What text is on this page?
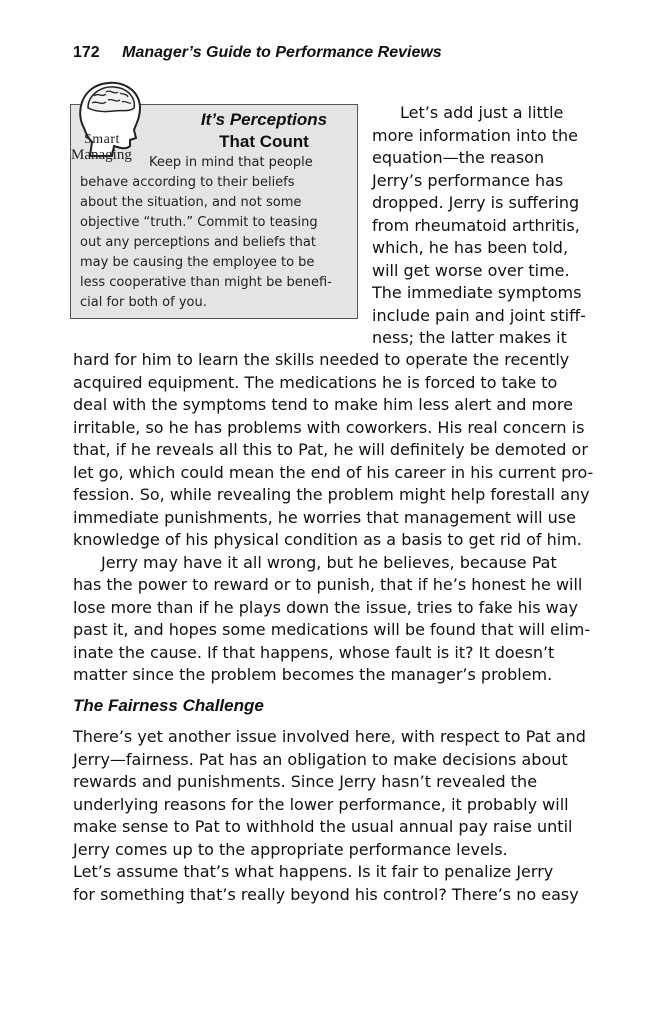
172 Manager’s Guide to Performance Reviews
It’s Perceptions
That Count
Keep in mind that people
behave according to their beliefs
about the situation, and not some
objective “truth.” Commit to teasing
out any perceptions and beliefs that
may be causing the employee to be
less cooperative than might be benefi-
cial for both of you.
Smart
Managing
Let’s add just a little
more information into the
equation—the reason
Jerry’s performance has
dropped. Jerry is suffering
from rheumatoid arthritis,
which, he has been told,
will get worse over time.
The immediate symptoms
include pain and joint stiff-
ness; the latter makes it
hard for him to learn the skills needed to operate the recently
acquired equipment. The medications he is forced to take to
deal with the symptoms tend to make him less alert and more
irritable, so he has problems with coworkers. His real concern is
that, if he reveals all this to Pat, he will definitely be demoted or
let go, which could mean the end of his career in his current pro-
fession. So, while revealing the problem might help forestall any
immediate punishments, he worries that management will use
knowledge of his physical condition as a basis to get rid of him.
Jerry may have it all wrong, but he believes, because Pat
has the power to reward or to punish, that if he’s honest he will
lose more than if he plays down the issue, tries to fake his way
past it, and hopes some medications will be found that will elim-
inate the cause. If that happens, whose fault is it? It doesn’t
matter since the problem becomes the manager’s problem.
The Fairness Challenge
There’s yet another issue involved here, with respect to Pat and
Jerry—fairness. Pat has an obligation to make decisions about
rewards and punishments. Since Jerry hasn’t revealed the
underlying reasons for the lower performance, it probably will
make sense to Pat to withhold the usual annual pay raise until
Jerry comes up to the appropriate performance levels.
Let’s assume that’s what happens. Is it fair to penalize Jerry
for something that’s really beyond his control? There’s no easy
